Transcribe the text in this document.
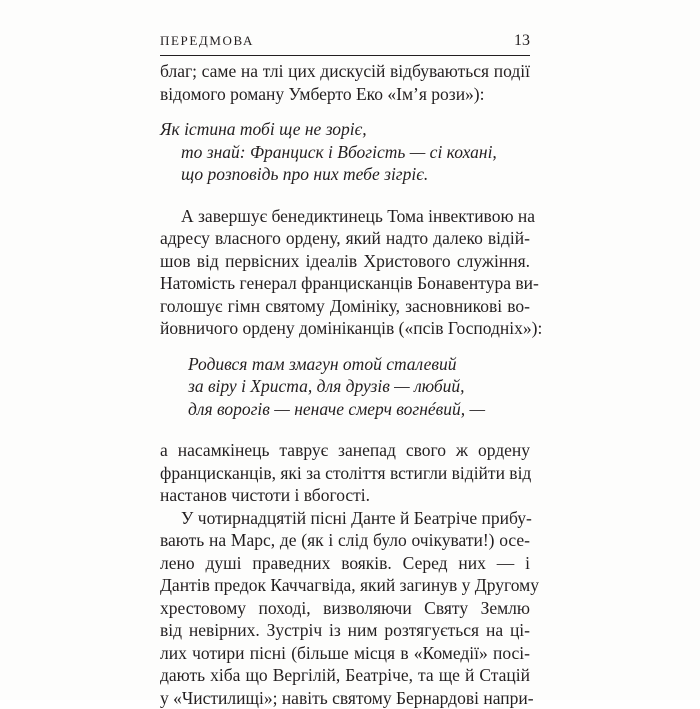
ПЕРЕДМОВА	13
благ; саме на тлі цих дискусій відбуваються події
відомого роману Умберто Еко «Ім’я рози»):
Як істина тобі ще не зоріє,
то знай: Франциск і Вбогість — сі кохані,
що розповідь про них тебе зігріє.
А завершує бенедиктинець Тома інвективою на
адресу власного ордену, який надто далеко відій-
шов від первісних ідеалів Христового служіння.
Натомість генерал францисканців Бонавентура ви-
голошує гімн святому Домініку, засновникові во-
йовничого ордену домініканців («псів Господніх»):
Родився там змагун отой сталевий
за віру і Христа, для друзів — любий,
для ворогів — неначе смерч вогнéвий, —
а насамкінець таврує занепад свого ж ордену
францисканців, які за століття встигли відійти від
настанов чистоти і вбогості.
У чотирнадцятій пісні Данте й Беатріче прибу-
вають на Марс, де (як і слід було очікувати!) осе-
лено душі праведних вояків. Серед них — і
Дантів предок Каччагвіда, який загинув у Другому
хрестовому поході, визволяючи Святу Землю
від невірних. Зустріч із ним розтягується на ці-
лих чотири пісні (більше місця в «Комедії» посі-
дають хіба що Вергілій, Беатріче, та ще й Стацій
у «Чистилищі»; навіть святому Бернардові напри-
